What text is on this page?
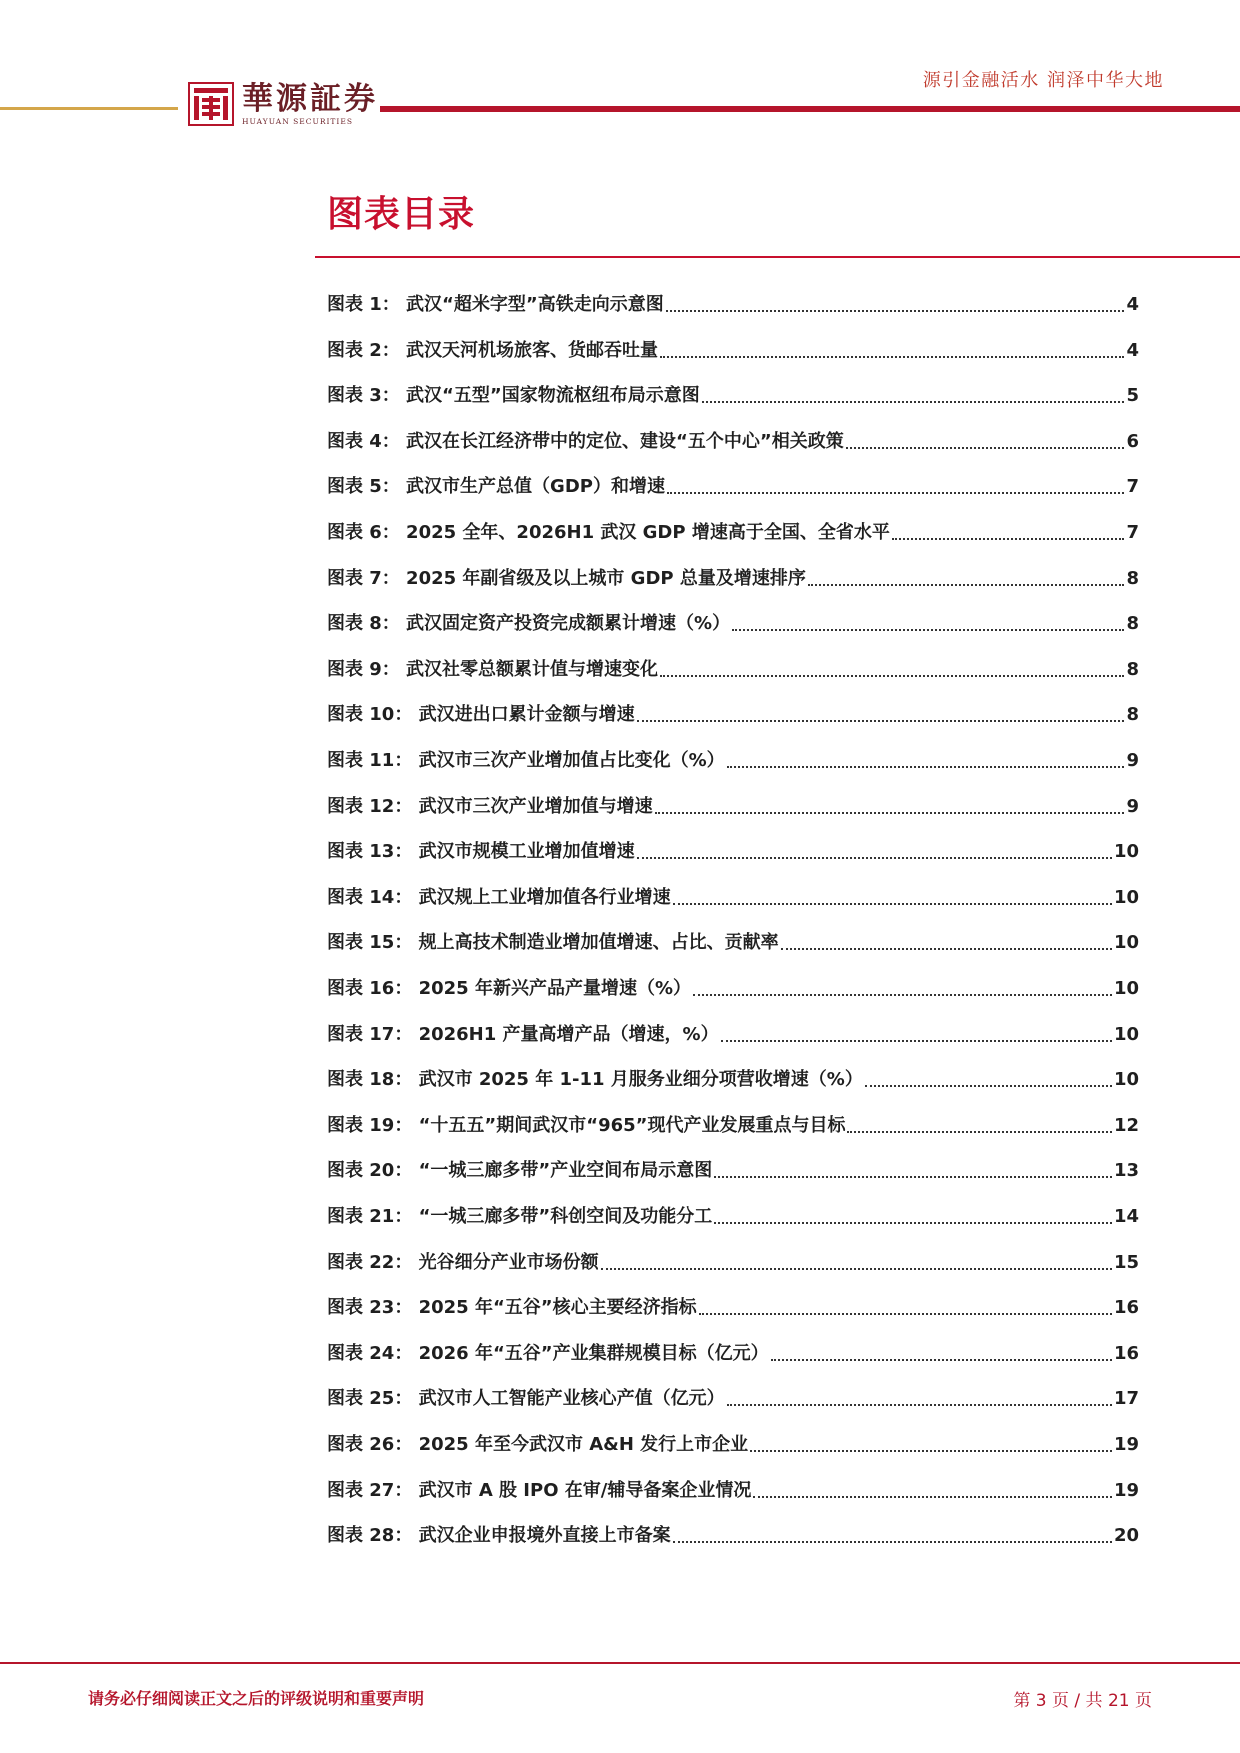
華源証券
HUAYUAN SECURITIES
源引金融活水 润泽中华大地
图表目录
图表 1： 武汉“超米字型”高铁走向示意图	4
图表 2： 武汉天河机场旅客、货邮吞吐量	4
图表 3： 武汉“五型”国家物流枢纽布局示意图	5
图表 4： 武汉在长江经济带中的定位、建设“五个中心”相关政策	6
图表 5： 武汉市生产总值（GDP）和增速	7
图表 6： 2025 全年、2026H1 武汉 GDP 增速高于全国、全省水平	7
图表 7： 2025 年副省级及以上城市 GDP 总量及增速排序	8
图表 8： 武汉固定资产投资完成额累计增速（%）	8
图表 9： 武汉社零总额累计值与增速变化	8
图表 10： 武汉进出口累计金额与增速	8
图表 11： 武汉市三次产业增加值占比变化（%）	9
图表 12： 武汉市三次产业增加值与增速	9
图表 13： 武汉市规模工业增加值增速	10
图表 14： 武汉规上工业增加值各行业增速	10
图表 15： 规上高技术制造业增加值增速、占比、贡献率	10
图表 16： 2025 年新兴产品产量增速（%）	10
图表 17： 2026H1 产量高增产品（增速，%）	10
图表 18： 武汉市 2025 年 1-11 月服务业细分项营收增速（%）	10
图表 19： “十五五”期间武汉市“965”现代产业发展重点与目标	12
图表 20： “一城三廊多带”产业空间布局示意图	13
图表 21： “一城三廊多带”科创空间及功能分工	14
图表 22： 光谷细分产业市场份额	15
图表 23： 2025 年“五谷”核心主要经济指标	16
图表 24： 2026 年“五谷”产业集群规模目标（亿元）	16
图表 25： 武汉市人工智能产业核心产值（亿元）	17
图表 26： 2025 年至今武汉市 A&H 发行上市企业	19
图表 27： 武汉市 A 股 IPO 在审/辅导备案企业情况	19
图表 28： 武汉企业申报境外直接上市备案	20
请务必仔细阅读正文之后的评级说明和重要声明	第 3 页 / 共 21 页
